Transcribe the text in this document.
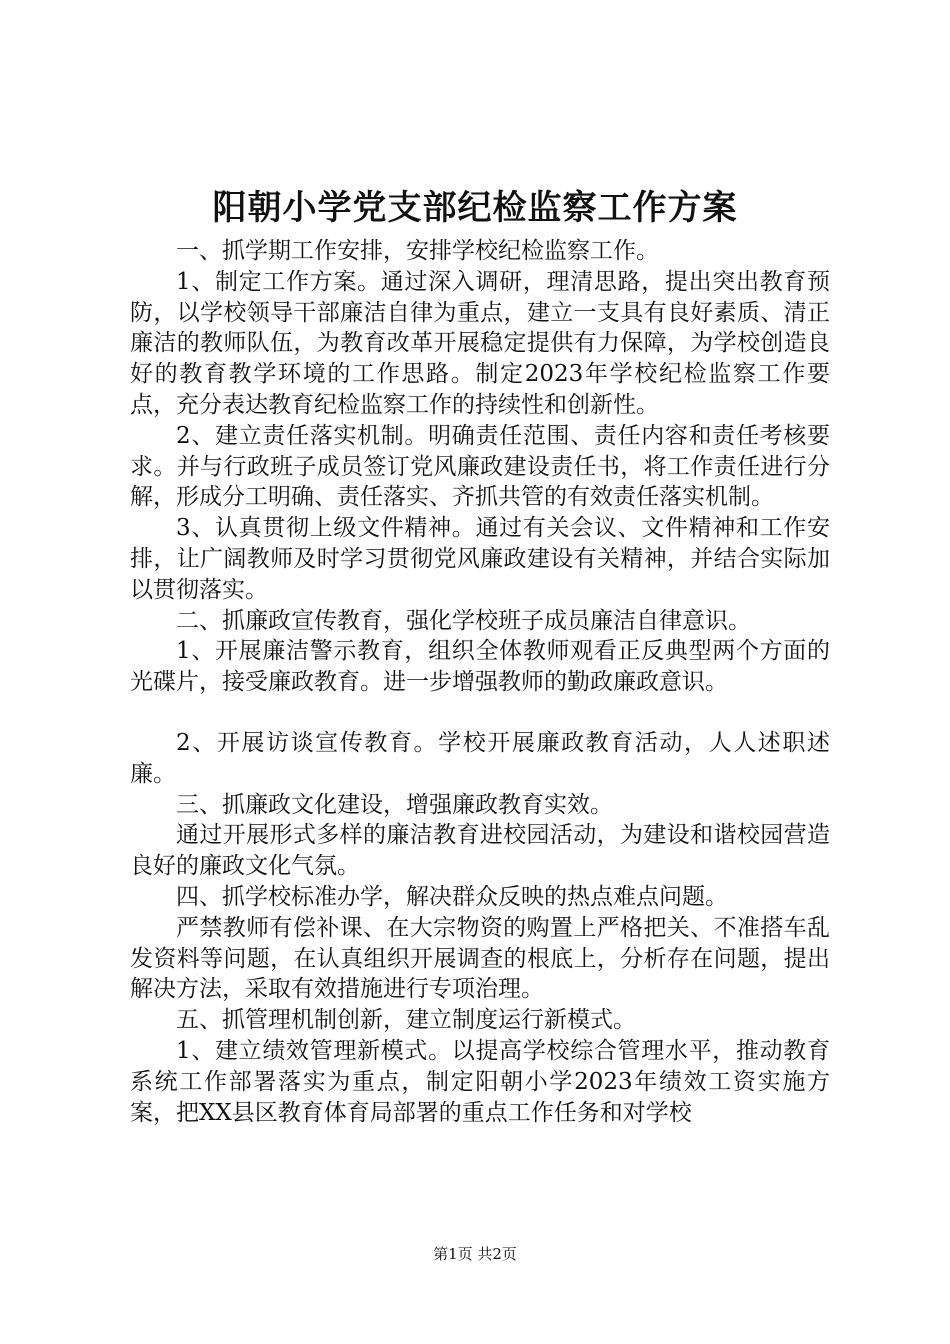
阳朝小学党支部纪检监察工作方案

一、抓学期工作安排，安排学校纪检监察工作。

1、制定工作方案。通过深入调研，理清思路，提出突出教育预防，以学校领导干部廉洁自律为重点，建立一支具有良好素质、清正廉洁的教师队伍，为教育改革开展稳定提供有力保障，为学校创造良好的教育教学环境的工作思路。制定2023年学校纪检监察工作要点，充分表达教育纪检监察工作的持续性和创新性。

2、建立责任落实机制。明确责任范围、责任内容和责任考核要求。并与行政班子成员签订党风廉政建设责任书，将工作责任进行分解，形成分工明确、责任落实、齐抓共管的有效责任落实机制。

3、认真贯彻上级文件精神。通过有关会议、文件精神和工作安排，让广阔教师及时学习贯彻党风廉政建设有关精神，并结合实际加以贯彻落实。

二、抓廉政宣传教育，强化学校班子成员廉洁自律意识。

1、开展廉洁警示教育，组织全体教师观看正反典型两个方面的光碟片，接受廉政教育。进一步增强教师的勤政廉政意识。

2、开展访谈宣传教育。学校开展廉政教育活动，人人述职述廉。

三、抓廉政文化建设，增强廉政教育实效。

通过开展形式多样的廉洁教育进校园活动，为建设和谐校园营造良好的廉政文化气氛。

四、抓学校标准办学，解决群众反映的热点难点问题。

严禁教师有偿补课、在大宗物资的购置上严格把关、不准搭车乱发资料等问题，在认真组织开展调查的根底上，分析存在问题，提出解决方法，采取有效措施进行专项治理。

五、抓管理机制创新，建立制度运行新模式。

1、建立绩效管理新模式。以提高学校综合管理水平，推动教育系统工作部署落实为重点，制定阳朝小学2023年绩效工资实施方案，把XX县区教育体育局部署的重点工作任务和对学校

第1页 共2页
